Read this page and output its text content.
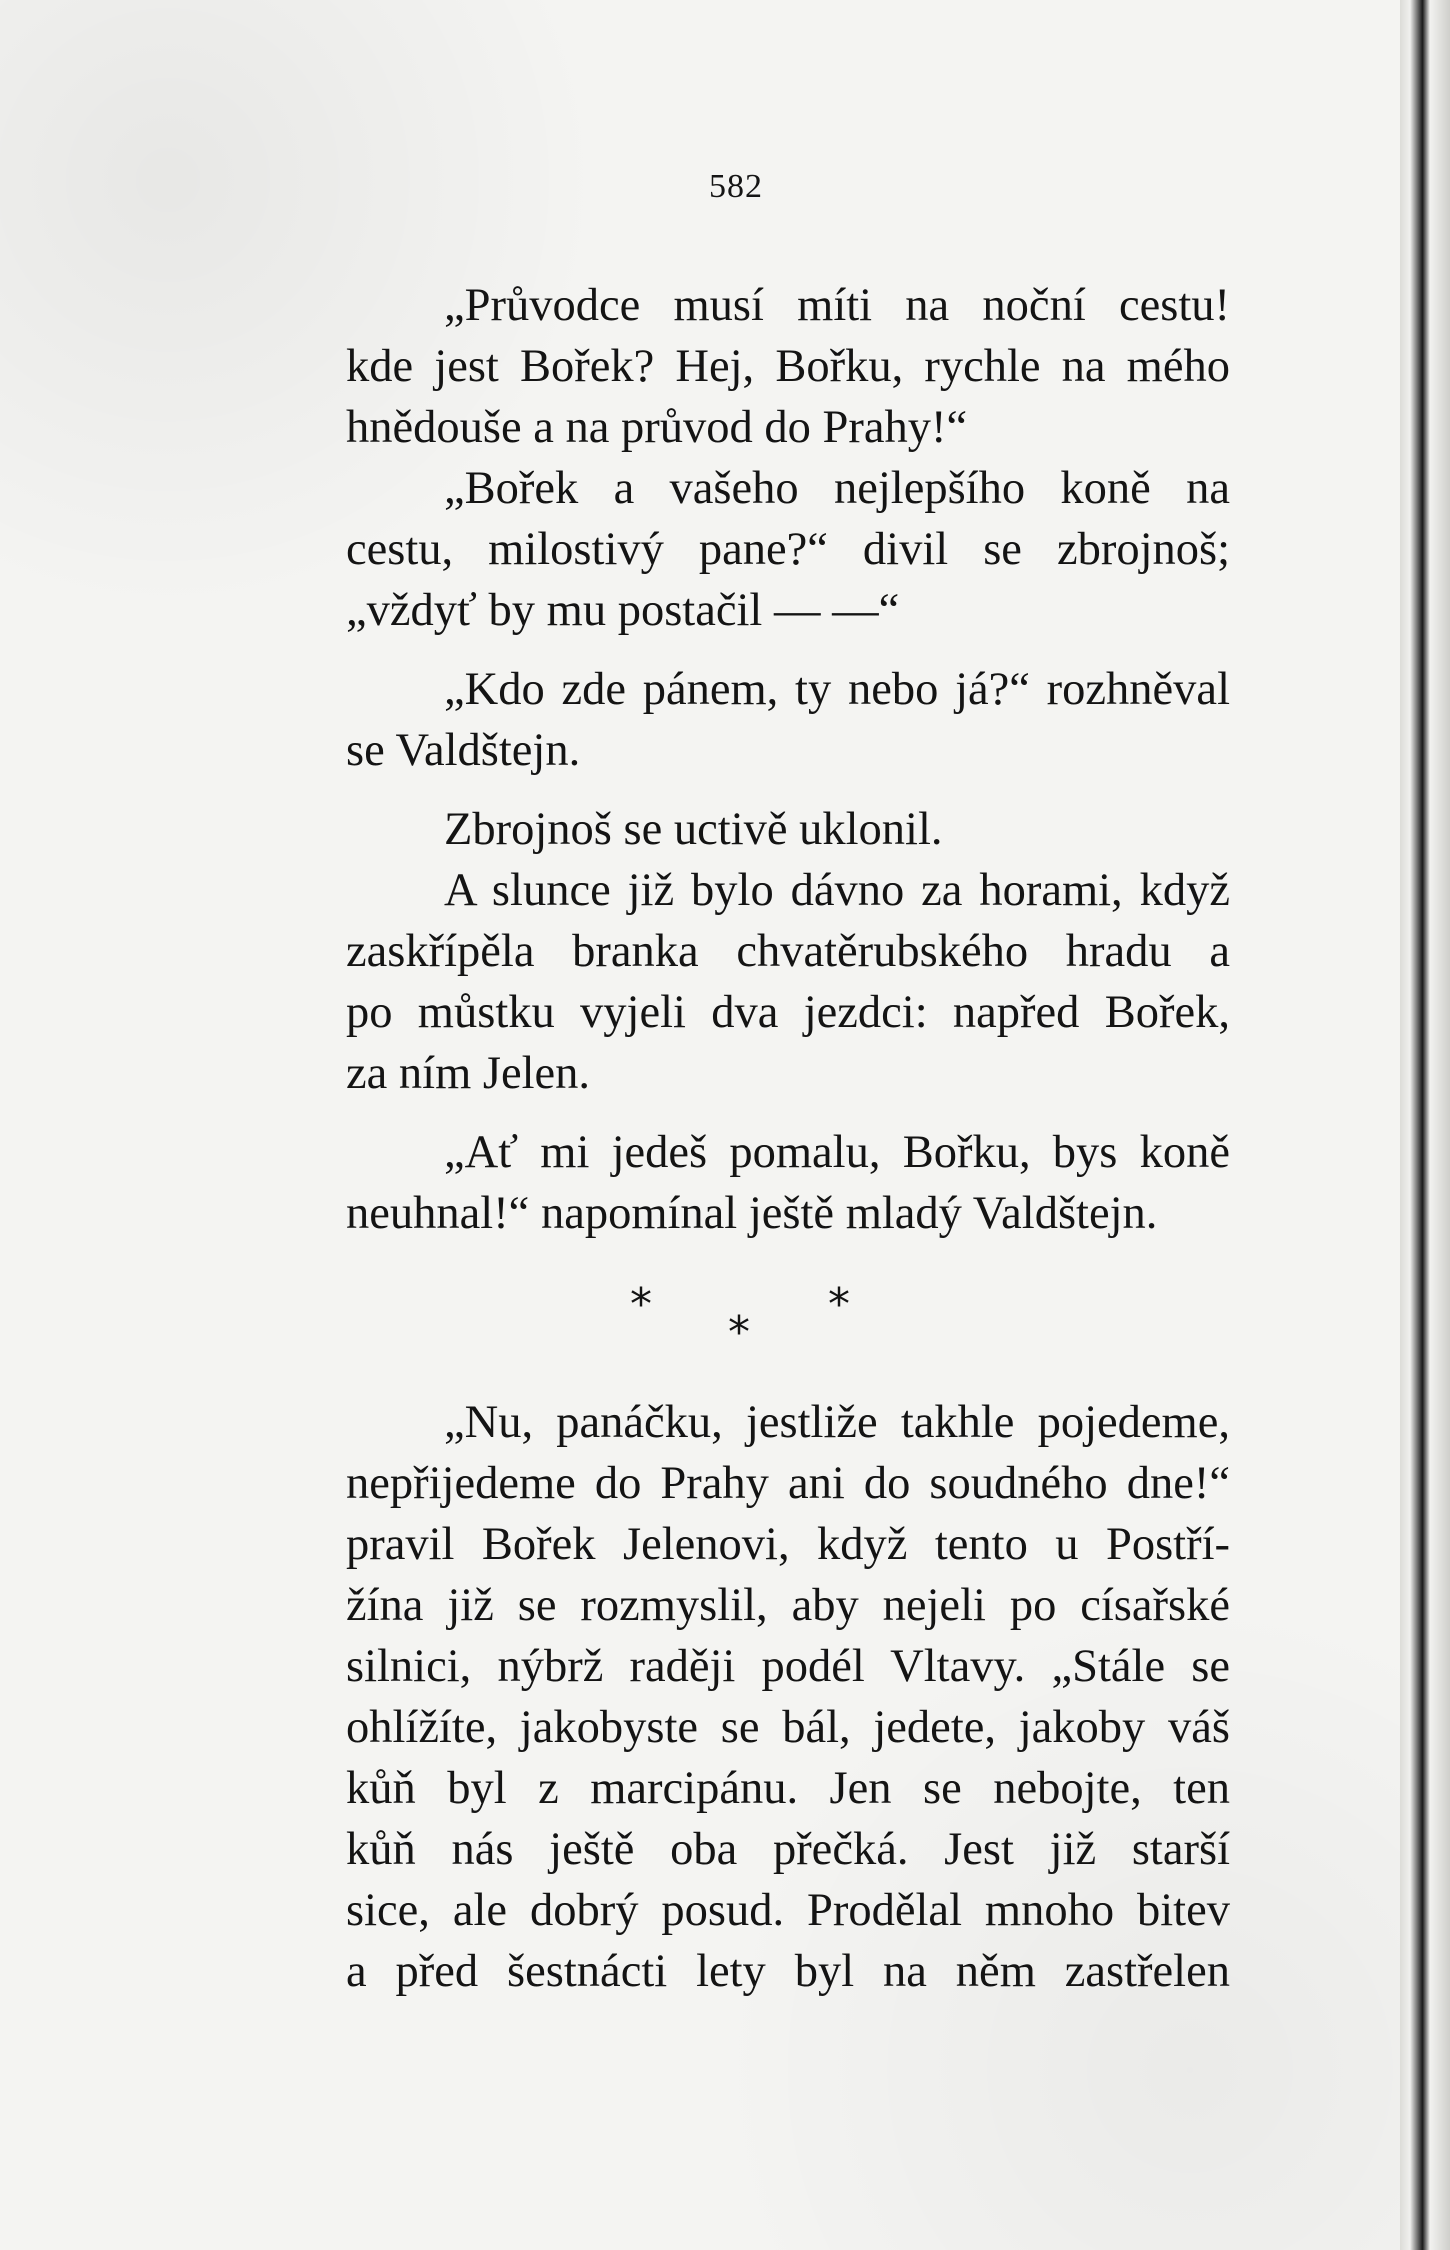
582
„Průvodce musí míti na noční cestu!
kde jest Bořek? Hej, Bořku, rychle na mého
hnědouše a na průvod do Prahy!“
„Bořek a vašeho nejlepšího koně na
cestu, milostivý pane?“ divil se zbrojnoš;
„vždyť by mu postačil — —“
„Kdo zde pánem, ty nebo já?“ rozhněval
se Valdštejn.
Zbrojnoš se uctivě uklonil.
A slunce již bylo dávno za horami, když
zaskřípěla branka chvatěrubského hradu a
po můstku vyjeli dva jezdci: napřed Bořek,
za ním Jelen.
„Ať mi jedeš pomalu, Bořku, bys koně
neuhnal!“ napomínal ještě mladý Valdštejn.
*
*
*
„Nu, panáčku, jestliže takhle pojedeme,
nepřijedeme do Prahy ani do soudného dne!“
pravil Bořek Jelenovi, když tento u Postří-
žína již se rozmyslil, aby nejeli po císařské
silnici, nýbrž raději podél Vltavy. „Stále se
ohlížíte, jakobyste se bál, jedete, jakoby váš
kůň byl z marcipánu. Jen se nebojte, ten
kůň nás ještě oba přečká. Jest již starší
sice, ale dobrý posud. Prodělal mnoho bitev
a před šestnácti lety byl na něm zastřelen
